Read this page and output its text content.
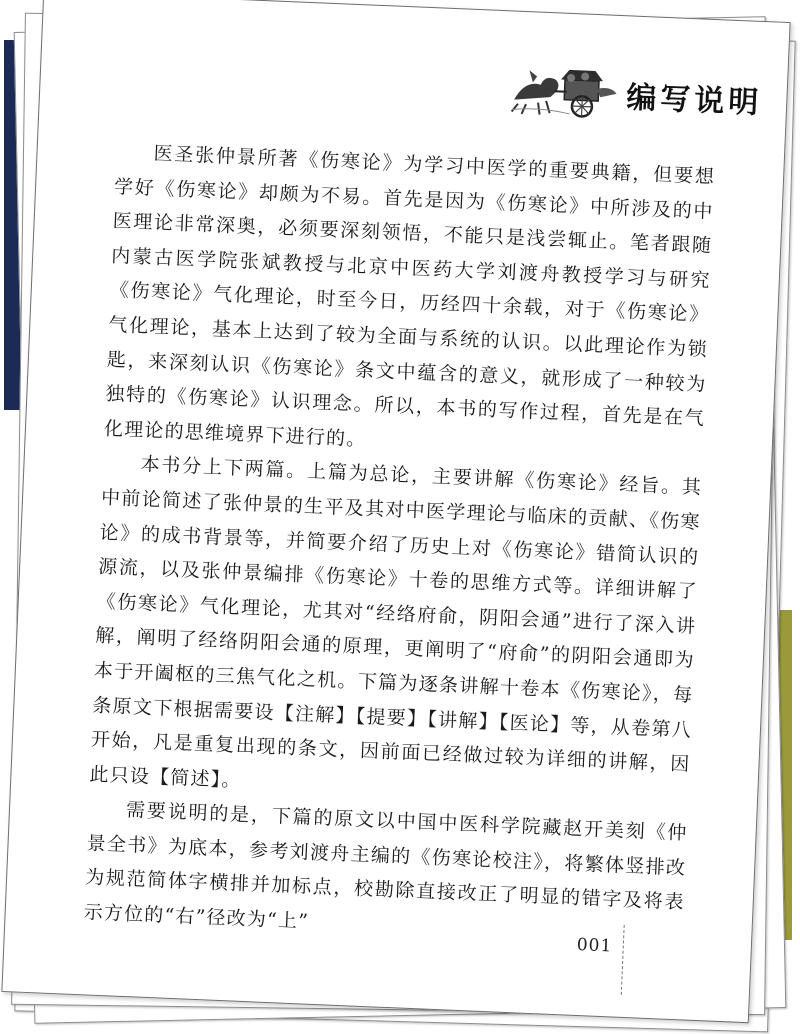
编写说明

医圣张仲景所著《伤寒论》为学习中医学的重要典籍，但要想学好《伤寒论》却颇为不易。首先是因为《伤寒论》中所涉及的中医理论非常深奥，必须要深刻领悟，不能只是浅尝辄止。笔者跟随内蒙古医学院张斌教授与北京中医药大学刘渡舟教授学习与研究《伤寒论》气化理论，时至今日，历经四十余载，对于《伤寒论》气化理论，基本上达到了较为全面与系统的认识。以此理论作为锁匙，来深刻认识《伤寒论》条文中蕴含的意义，就形成了一种较为独特的《伤寒论》认识理念。所以，本书的写作过程，首先是在气化理论的思维境界下进行的。

本书分上下两篇。上篇为总论，主要讲解《伤寒论》经旨。其中前论简述了张仲景的生平及其对中医学理论与临床的贡献、《伤寒论》的成书背景等，并简要介绍了历史上对《伤寒论》错简认识的源流，以及张仲景编排《伤寒论》十卷的思维方式等。详细讲解了《伤寒论》气化理论，尤其对“经络府俞，阴阳会通”进行了深入讲解，阐明了经络阴阳会通的原理，更阐明了“府俞”的阴阳会通即为本于开阖枢的三焦气化之机。下篇为逐条讲解十卷本《伤寒论》，每条原文下根据需要设【注解】【提要】【讲解】【医论】等，从卷第八开始，凡是重复出现的条文，因前面已经做过较为详细的讲解，因此只设【简述】。

需要说明的是，下篇的原文以中国中医科学院藏赵开美刻《仲景全书》为底本，参考刘渡舟主编的《伤寒论校注》，将繁体竖排改为规范简体字横排并加标点，校勘除直接改正了明显的错字及将表示方位的“右”径改为“上”

001
